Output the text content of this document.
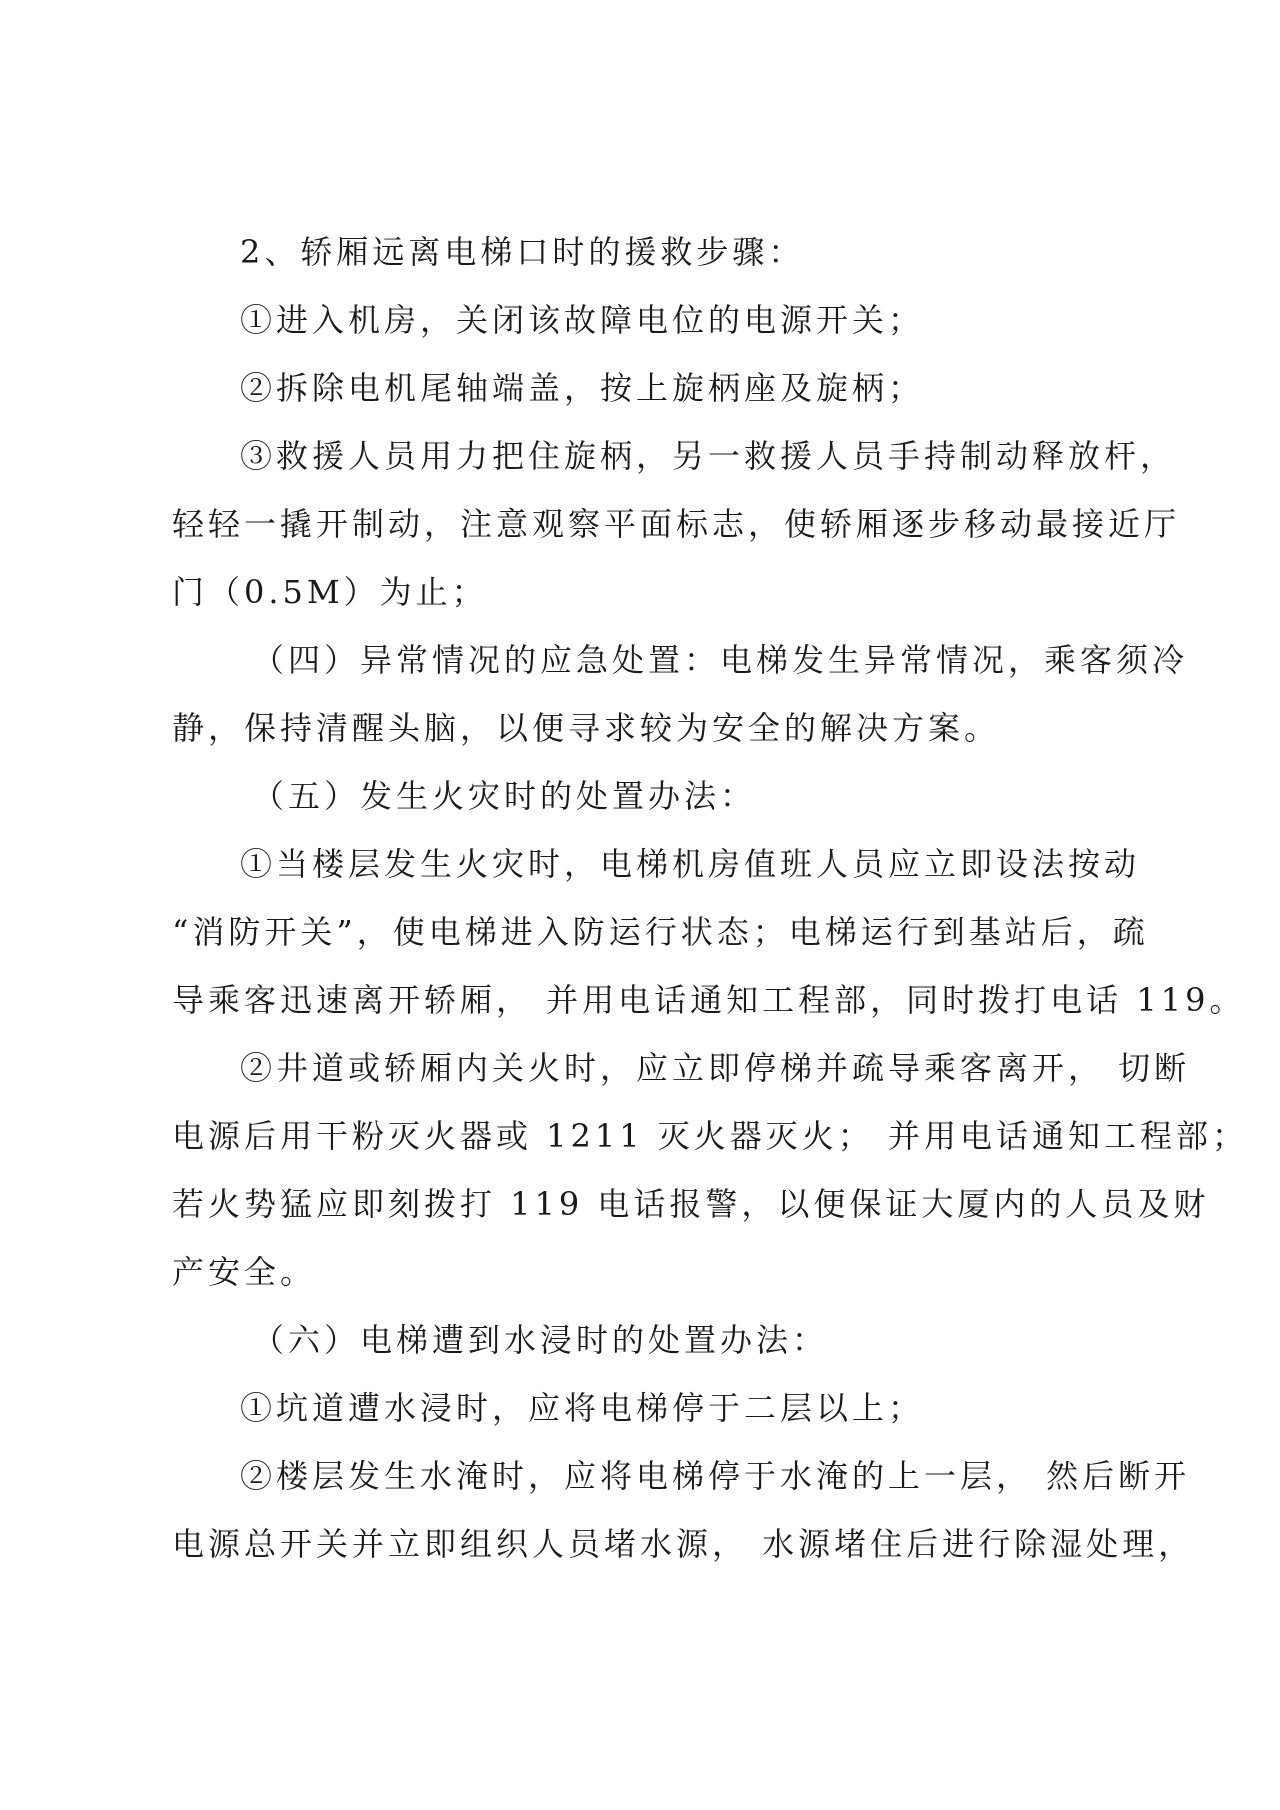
2、轿厢远离电梯口时的援救步骤：
①进入机房，关闭该故障电位的电源开关；
②拆除电机尾轴端盖，按上旋柄座及旋柄；
③救援人员用力把住旋柄，另一救援人员手持制动释放杆，
轻轻一撬开制动，注意观察平面标志，使轿厢逐步移动最接近厅
门（0.5M）为止；
（四）异常情况的应急处置：电梯发生异常情况，乘客须冷
静，保持清醒头脑，以便寻求较为安全的解决方案。
（五）发生火灾时的处置办法：
①当楼层发生火灾时，电梯机房值班人员应立即设法按动
“消防开关”，使电梯进入防运行状态；电梯运行到基站后，疏
导乘客迅速离开轿厢， 并用电话通知工程部，同时拨打电话 119。
②井道或轿厢内关火时，应立即停梯并疏导乘客离开， 切断
电源后用干粉灭火器或 1211 灭火器灭火； 并用电话通知工程部；
若火势猛应即刻拨打 119 电话报警，以便保证大厦内的人员及财
产安全。
（六）电梯遭到水浸时的处置办法：
①坑道遭水浸时，应将电梯停于二层以上；
②楼层发生水淹时，应将电梯停于水淹的上一层， 然后断开
电源总开关并立即组织人员堵水源， 水源堵住后进行除湿处理，
